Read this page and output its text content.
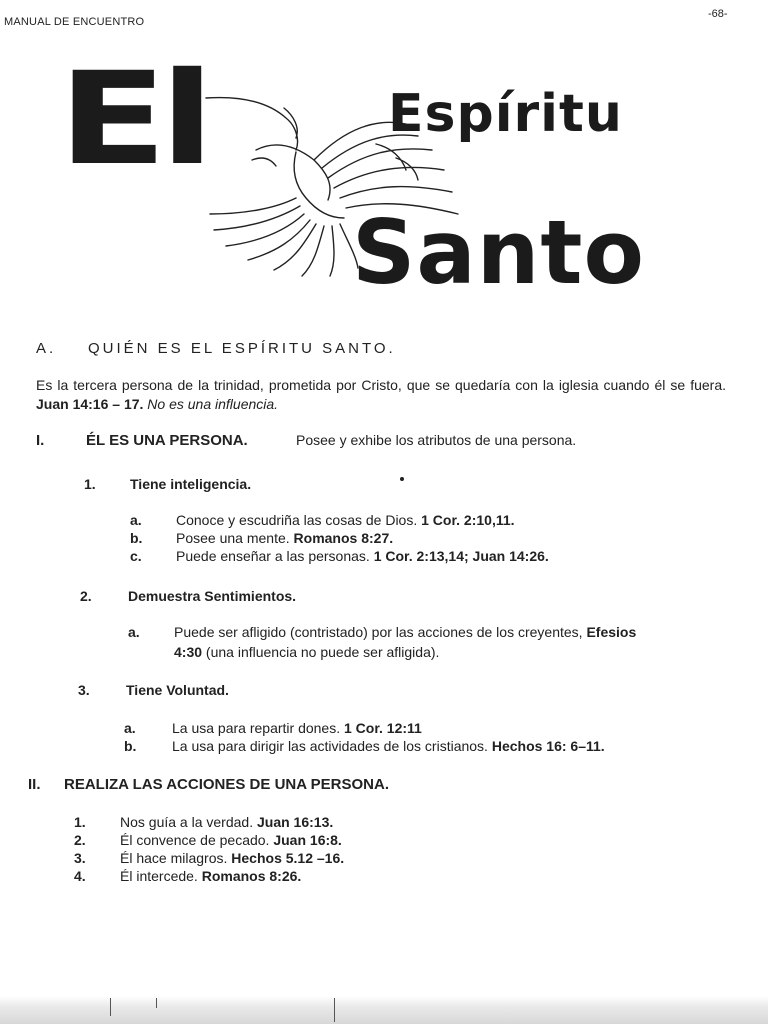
MANUAL DE ENCUENTRO
-68-
El	Espíritu
Santo
A. QUIÉN ES EL ESPÍRITU SANTO.
Es la tercera persona de la trinidad, prometida por Cristo, que se quedaría con la iglesia cuando él se fuera. Juan 14:16 – 17. No es una influencia.
I.	ÉL ES UNA PERSONA.	Posee y exhibe los atributos de una persona.
1. Tiene inteligencia.
a. Conoce y escudriña las cosas de Dios. 1 Cor. 2:10,11.
b. Posee una mente. Romanos 8:27.
c. Puede enseñar a las personas. 1 Cor. 2:13,14; Juan 14:26.
2.	Demuestra Sentimientos.
a. Puede ser afligido (contristado) por las acciones de los creyentes, Efesios
4:30 (una influencia no puede ser afligida).
3.	Tiene Voluntad.
a.	La usa para repartir dones. 1 Cor. 12:11
b.	La usa para dirigir las actividades de los cristianos. Hechos 16: 6–11.
II. REALIZA LAS ACCIONES DE UNA PERSONA.
1. Nos guía a la verdad. Juan 16:13.
2. Él convence de pecado. Juan 16:8.
3. Él hace milagros. Hechos 5.12 –16.
4. Él intercede. Romanos 8:26.
